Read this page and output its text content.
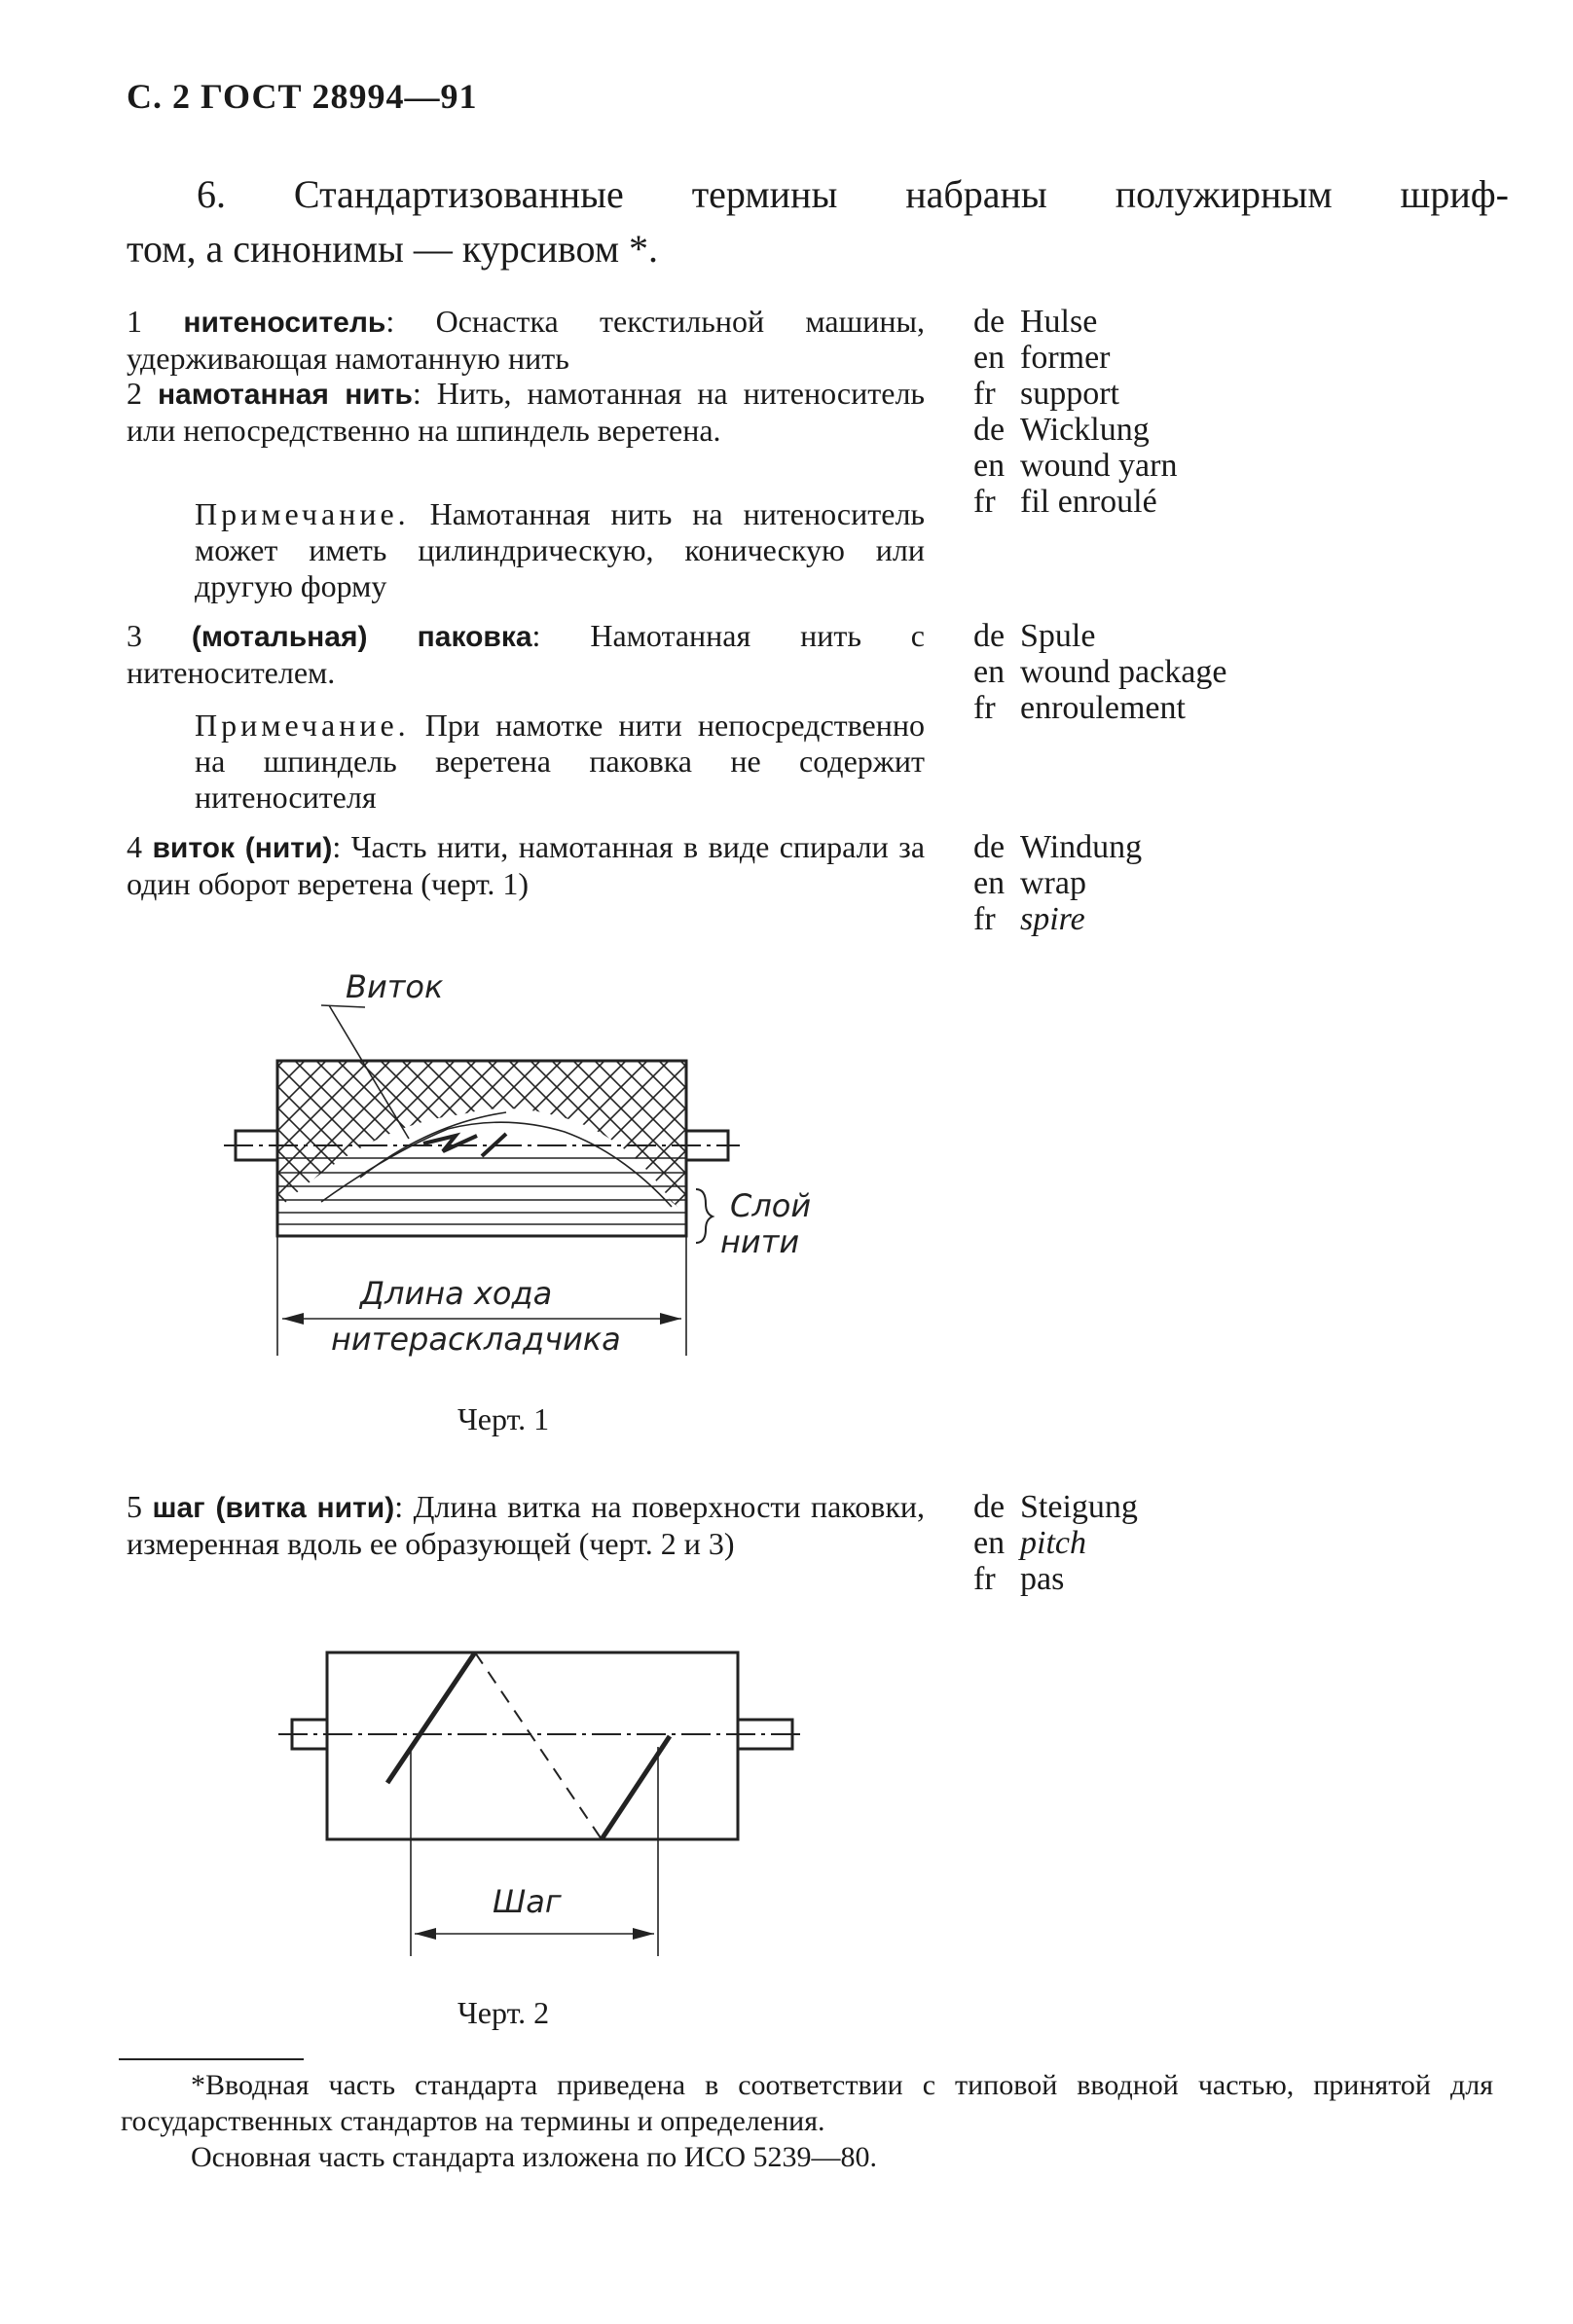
С. 2 ГОСТ 28994—91
6. Стандартизованные термины набраны полужирным шриф-
том, а синонимы — курсивом *.
1 нитеноситель: Оснастка текстильной машины, удерживающая намотанную нить
de Hulse
en former
fr support
2 намотанная нить: Нить, намотанная на нитеноситель или непосредственно на шпиндель веретена.
Примечание. Намотанная нить на нитеноситель может иметь цилиндрическую, коническую или другую форму
de Wicklung
en wound yarn
fr fil enroulé
3 (мотальная) паковка: Намотанная нить с нитеносителем.
Примечание. При намотке нити непосредственно на шпиндель веретена паковка не содержит нитеносителя
de Spule
en wound package
fr enroulement
4 виток (нити): Часть нити, намотанная в виде спирали за один оборот веретена (черт. 1)
de Windung
en wrap
fr spire
Виток
Слой
нити
Длина хода
нитераскладчика
Черт. 1
5 шаг (витка нити): Длина витка на поверхности паковки, измеренная вдоль ее образующей (черт. 2 и 3)
de Steigung
en pitch
fr pas
Шаг
Черт. 2
*Вводная часть стандарта приведена в соответствии с типовой вводной частью, принятой для государственных стандартов на термины и определения.
Основная часть стандарта изложена по ИСО 5239—80.
